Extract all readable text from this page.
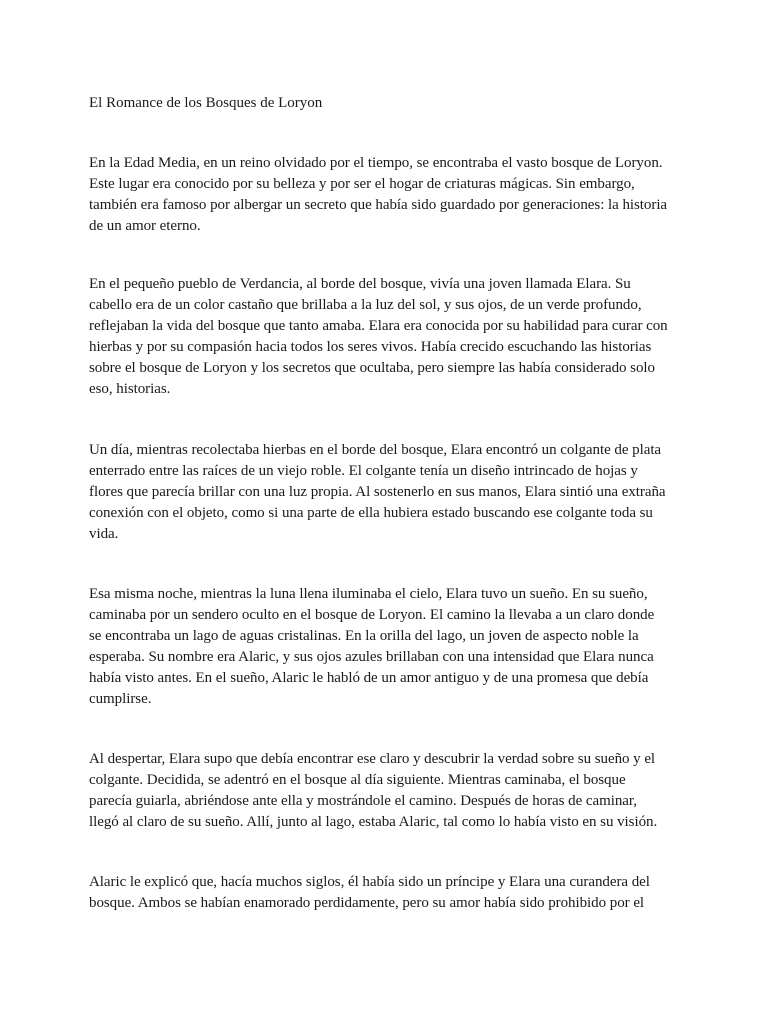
El Romance de los Bosques de Loryon

En la Edad Media, en un reino olvidado por el tiempo, se encontraba el vasto bosque de Loryon.
Este lugar era conocido por su belleza y por ser el hogar de criaturas mágicas. Sin embargo,
también era famoso por albergar un secreto que había sido guardado por generaciones: la historia
de un amor eterno.

En el pequeño pueblo de Verdancia, al borde del bosque, vivía una joven llamada Elara. Su
cabello era de un color castaño que brillaba a la luz del sol, y sus ojos, de un verde profundo,
reflejaban la vida del bosque que tanto amaba. Elara era conocida por su habilidad para curar con
hierbas y por su compasión hacia todos los seres vivos. Había crecido escuchando las historias
sobre el bosque de Loryon y los secretos que ocultaba, pero siempre las había considerado solo
eso, historias.

Un día, mientras recolectaba hierbas en el borde del bosque, Elara encontró un colgante de plata
enterrado entre las raíces de un viejo roble. El colgante tenía un diseño intrincado de hojas y
flores que parecía brillar con una luz propia. Al sostenerlo en sus manos, Elara sintió una extraña
conexión con el objeto, como si una parte de ella hubiera estado buscando ese colgante toda su
vida.

Esa misma noche, mientras la luna llena iluminaba el cielo, Elara tuvo un sueño. En su sueño,
caminaba por un sendero oculto en el bosque de Loryon. El camino la llevaba a un claro donde
se encontraba un lago de aguas cristalinas. En la orilla del lago, un joven de aspecto noble la
esperaba. Su nombre era Alaric, y sus ojos azules brillaban con una intensidad que Elara nunca
había visto antes. En el sueño, Alaric le habló de un amor antiguo y de una promesa que debía
cumplirse.

Al despertar, Elara supo que debía encontrar ese claro y descubrir la verdad sobre su sueño y el
colgante. Decidida, se adentró en el bosque al día siguiente. Mientras caminaba, el bosque
parecía guiarla, abriéndose ante ella y mostrándole el camino. Después de horas de caminar,
llegó al claro de su sueño. Allí, junto al lago, estaba Alaric, tal como lo había visto en su visión.

Alaric le explicó que, hacía muchos siglos, él había sido un príncipe y Elara una curandera del
bosque. Ambos se habían enamorado perdidamente, pero su amor había sido prohibido por el
